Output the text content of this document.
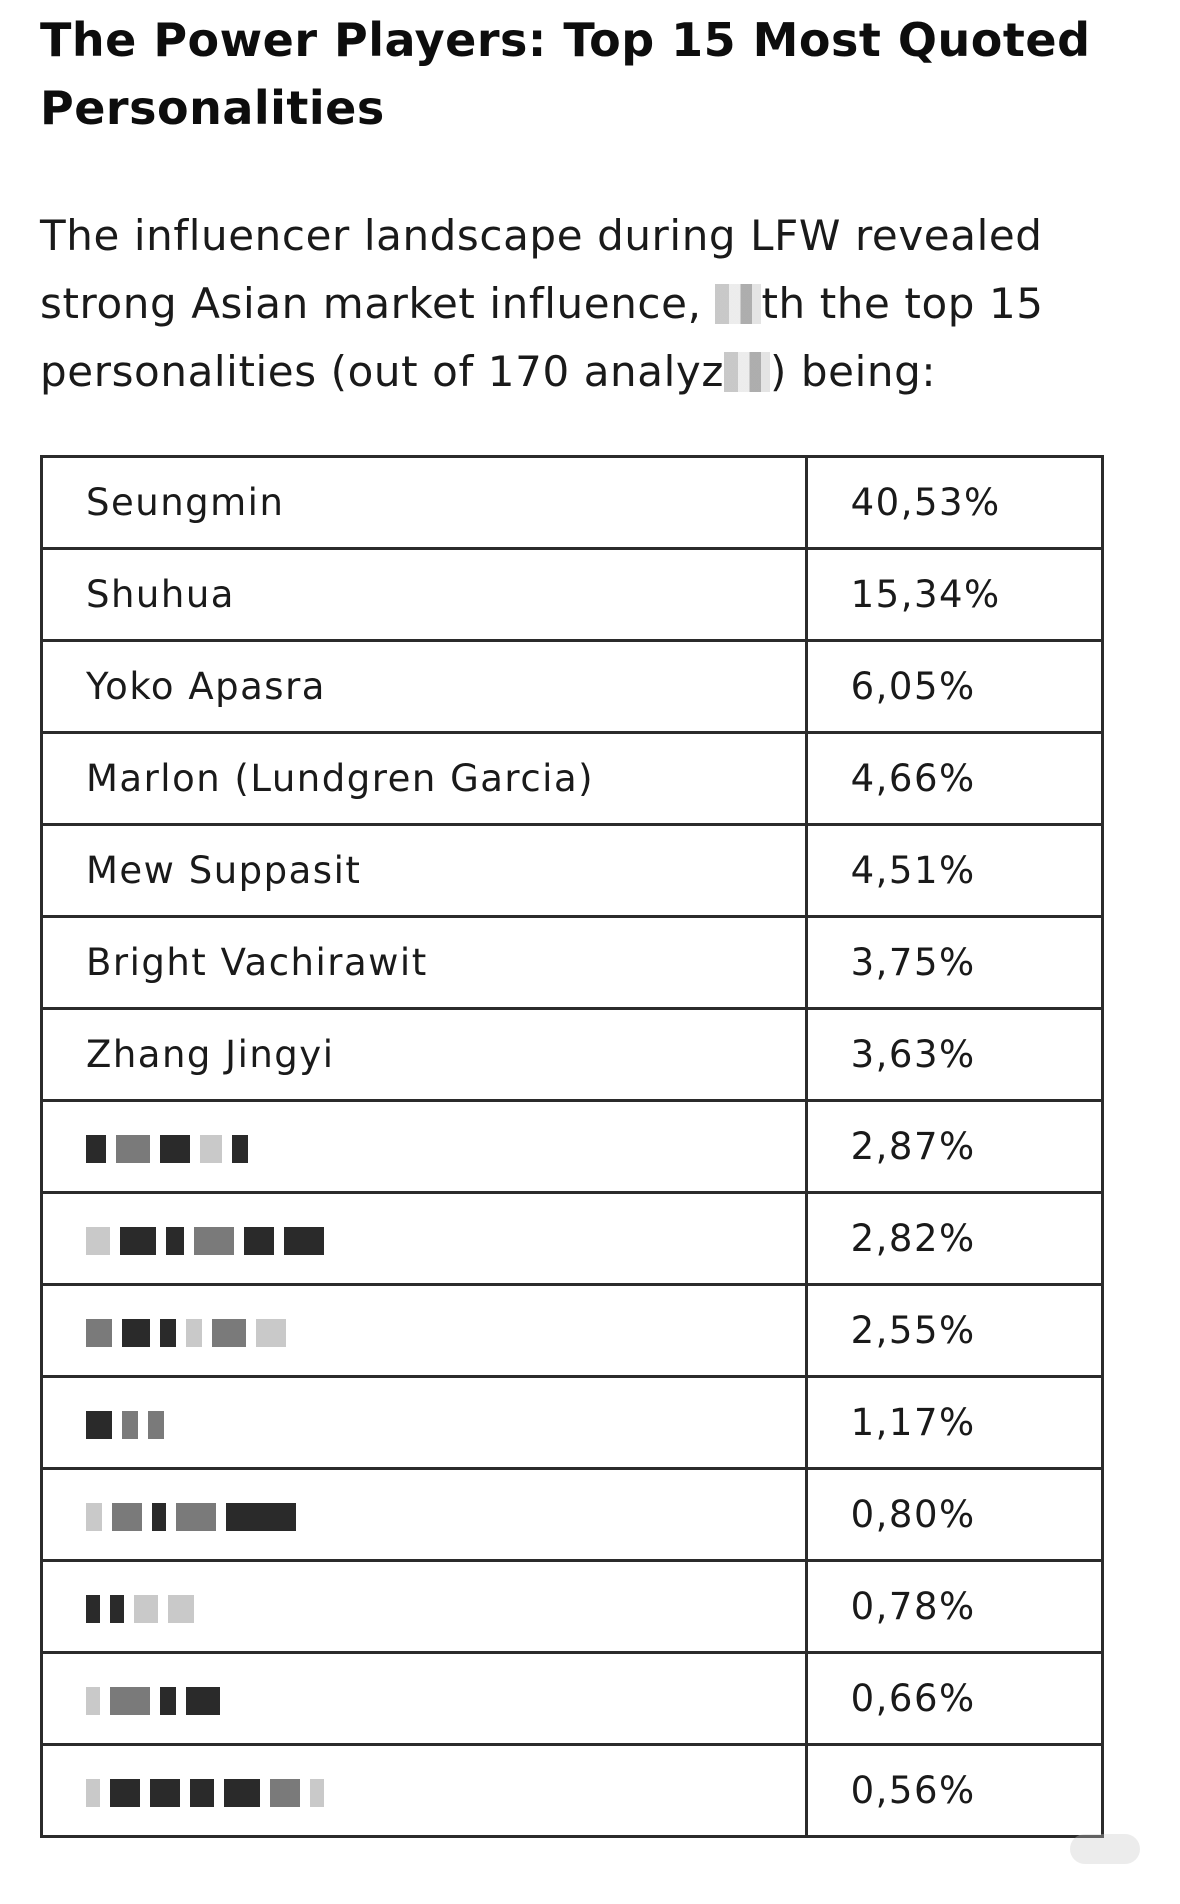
The Power Players: Top 15 Most Quoted Personalities

The influencer landscape during LFW revealed strong Asian market influence, th the top 15 personalities (out of 170 analyz ) being:

Seungmin	40,53%
Shuhua	15,34%
Yoko Apasra	6,05%
Marlon (Lundgren Garcia)	4,66%
Mew Suppasit	4,51%
Bright Vachirawit	3,75%
Zhang Jingyi	3,63%
	2,87%
	2,82%
	2,55%
	1,17%
	0,80%
	0,78%
	0,66%
	0,56%
